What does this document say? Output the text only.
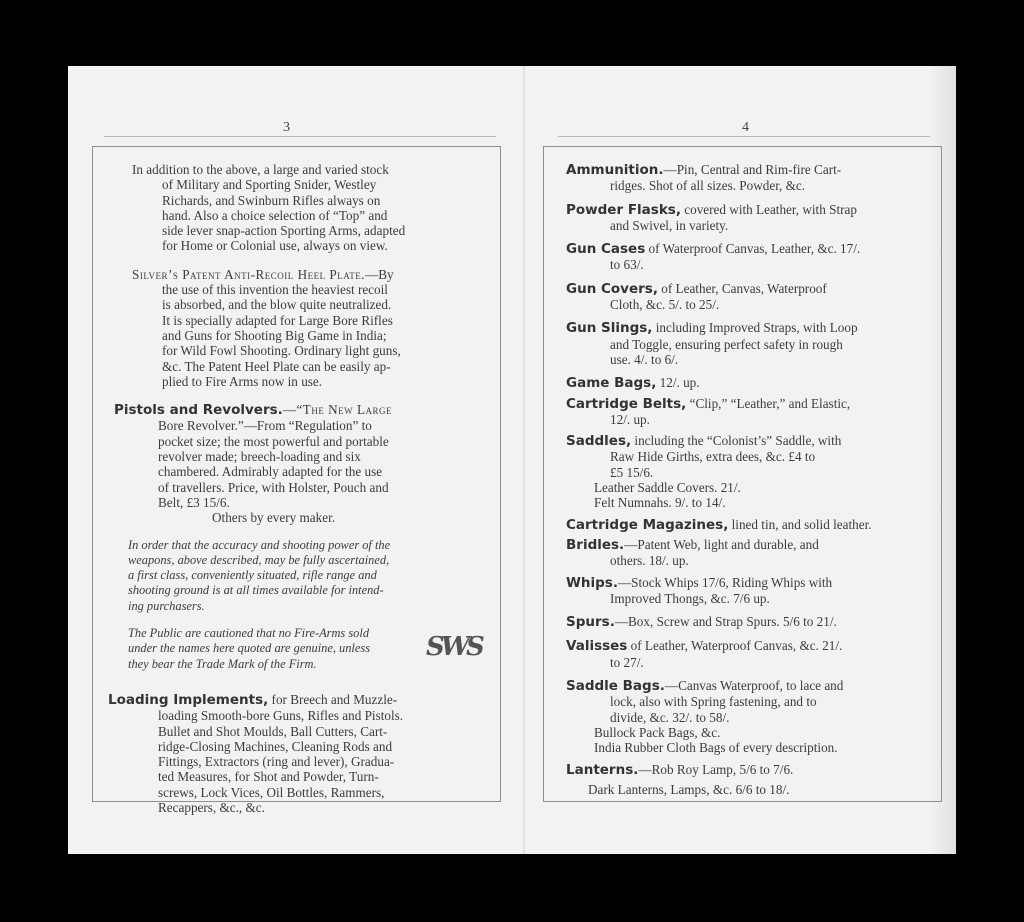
3

In addition to the above, a large and varied stock

of Military and Sporting Snider, Westley

Richards, and Swinburn Rifles always on

hand. Also a choice selection of “Top” and

side lever snap-action Sporting Arms, adapted

for Home or Colonial use, always on view.

Silver’s Patent Anti-Recoil Heel Plate.—By

the use of this invention the heaviest recoil

is absorbed, and the blow quite neutralized.

It is specially adapted for Large Bore Rifles

and Guns for Shooting Big Game in India;

for Wild Fowl Shooting. Ordinary light guns,

&c. The Patent Heel Plate can be easily ap-

plied to Fire Arms now in use.

Pistols and Revolvers.—“The New Large

Bore Revolver.”—From “Regulation” to

pocket size; the most powerful and portable

revolver made; breech-loading and six

chambered. Admirably adapted for the use

of travellers. Price, with Holster, Pouch and

Belt, £3 15/6.

Others by every maker.

In order that the accuracy and shooting power of the

weapons, above described, may be fully ascertained,

a first class, conveniently situated, rifle range and

shooting ground is at all times available for intend-

ing purchasers.

The Public are cautioned that no Fire-Arms sold

under the names here quoted are genuine, unless

they bear the Trade Mark of the Firm.

Loading Implements, for Breech and Muzzle-

loading Smooth-bore Guns, Rifles and Pistols.

Bullet and Shot Moulds, Ball Cutters, Cart-

ridge-Closing Machines, Cleaning Rods and

Fittings, Extractors (ring and lever), Gradua-

ted Measures, for Shot and Powder, Turn-

screws, Lock Vices, Oil Bottles, Rammers,

Recappers, &c., &c.

SWS
4

Ammunition.—Pin, Central and Rim-fire Cart-

ridges. Shot of all sizes. Powder, &c.

Powder Flasks, covered with Leather, with Strap

and Swivel, in variety.

Gun Cases of Waterproof Canvas, Leather, &c. 17/.

to 63/.

Gun Covers, of Leather, Canvas, Waterproof

Cloth, &c. 5/. to 25/.

Gun Slings, including Improved Straps, with Loop

and Toggle, ensuring perfect safety in rough

use. 4/. to 6/.

Game Bags, 12/. up.

Cartridge Belts, “Clip,” “Leather,” and Elastic,

12/. up.

Saddles, including the “Colonist’s” Saddle, with

Raw Hide Girths, extra dees, &c. £4 to

£5 15/6.

Leather Saddle Covers. 21/.

Felt Numnahs. 9/. to 14/.

Cartridge Magazines, lined tin, and solid leather.

Bridles.—Patent Web, light and durable, and

others. 18/. up.

Whips.—Stock Whips 17/6, Riding Whips with

Improved Thongs, &c. 7/6 up.

Spurs.—Box, Screw and Strap Spurs. 5/6 to 21/.

Valisses of Leather, Waterproof Canvas, &c. 21/.

to 27/.

Saddle Bags.—Canvas Waterproof, to lace and

lock, also with Spring fastening, and to

divide, &c. 32/. to 58/.

Bullock Pack Bags, &c.

India Rubber Cloth Bags of every description.

Lanterns.—Rob Roy Lamp, 5/6 to 7/6.

Dark Lanterns, Lamps, &c. 6/6 to 18/.
